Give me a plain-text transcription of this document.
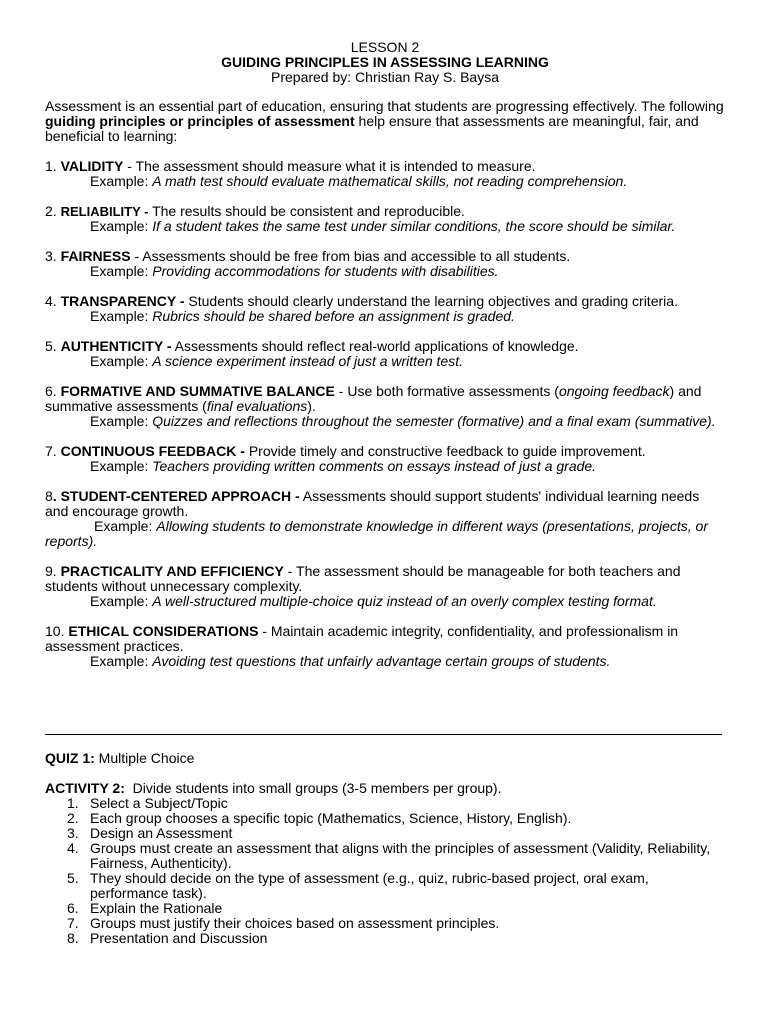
LESSON 2
GUIDING PRINCIPLES IN ASSESSING LEARNING
Prepared by: Christian Ray S. Baysa
Assessment is an essential part of education, ensuring that students are progressing effectively. The following guiding principles or principles of assessment help ensure that assessments are meaningful, fair, and beneficial to learning:
1. VALIDITY - The assessment should measure what it is intended to measure.
Example: A math test should evaluate mathematical skills, not reading comprehension.
2. RELIABILITY - The results should be consistent and reproducible.
Example: If a student takes the same test under similar conditions, the score should be similar.
3. FAIRNESS - Assessments should be free from bias and accessible to all students.
Example: Providing accommodations for students with disabilities.
4. TRANSPARENCY - Students should clearly understand the learning objectives and grading criteria.
Example: Rubrics should be shared before an assignment is graded.
5. AUTHENTICITY - Assessments should reflect real-world applications of knowledge.
Example: A science experiment instead of just a written test.
6. FORMATIVE AND SUMMATIVE BALANCE - Use both formative assessments (ongoing feedback) and summative assessments (final evaluations).
Example: Quizzes and reflections throughout the semester (formative) and a final exam (summative).
7. CONTINUOUS FEEDBACK - Provide timely and constructive feedback to guide improvement.
Example: Teachers providing written comments on essays instead of just a grade.
8. STUDENT-CENTERED APPROACH - Assessments should support students' individual learning needs and encourage growth.
Example: Allowing students to demonstrate knowledge in different ways (presentations, projects, or reports).
9. PRACTICALITY AND EFFICIENCY - The assessment should be manageable for both teachers and students without unnecessary complexity.
Example: A well-structured multiple-choice quiz instead of an overly complex testing format.
10. ETHICAL CONSIDERATIONS - Maintain academic integrity, confidentiality, and professionalism in assessment practices.
Example: Avoiding test questions that unfairly advantage certain groups of students.
QUIZ 1: Multiple Choice
ACTIVITY 2:  Divide students into small groups (3-5 members per group).
1. Select a Subject/Topic
2. Each group chooses a specific topic (Mathematics, Science, History, English).
3. Design an Assessment
4. Groups must create an assessment that aligns with the principles of assessment (Validity, Reliability, Fairness, Authenticity).
5. They should decide on the type of assessment (e.g., quiz, rubric-based project, oral exam, performance task).
6. Explain the Rationale
7. Groups must justify their choices based on assessment principles.
8. Presentation and Discussion
